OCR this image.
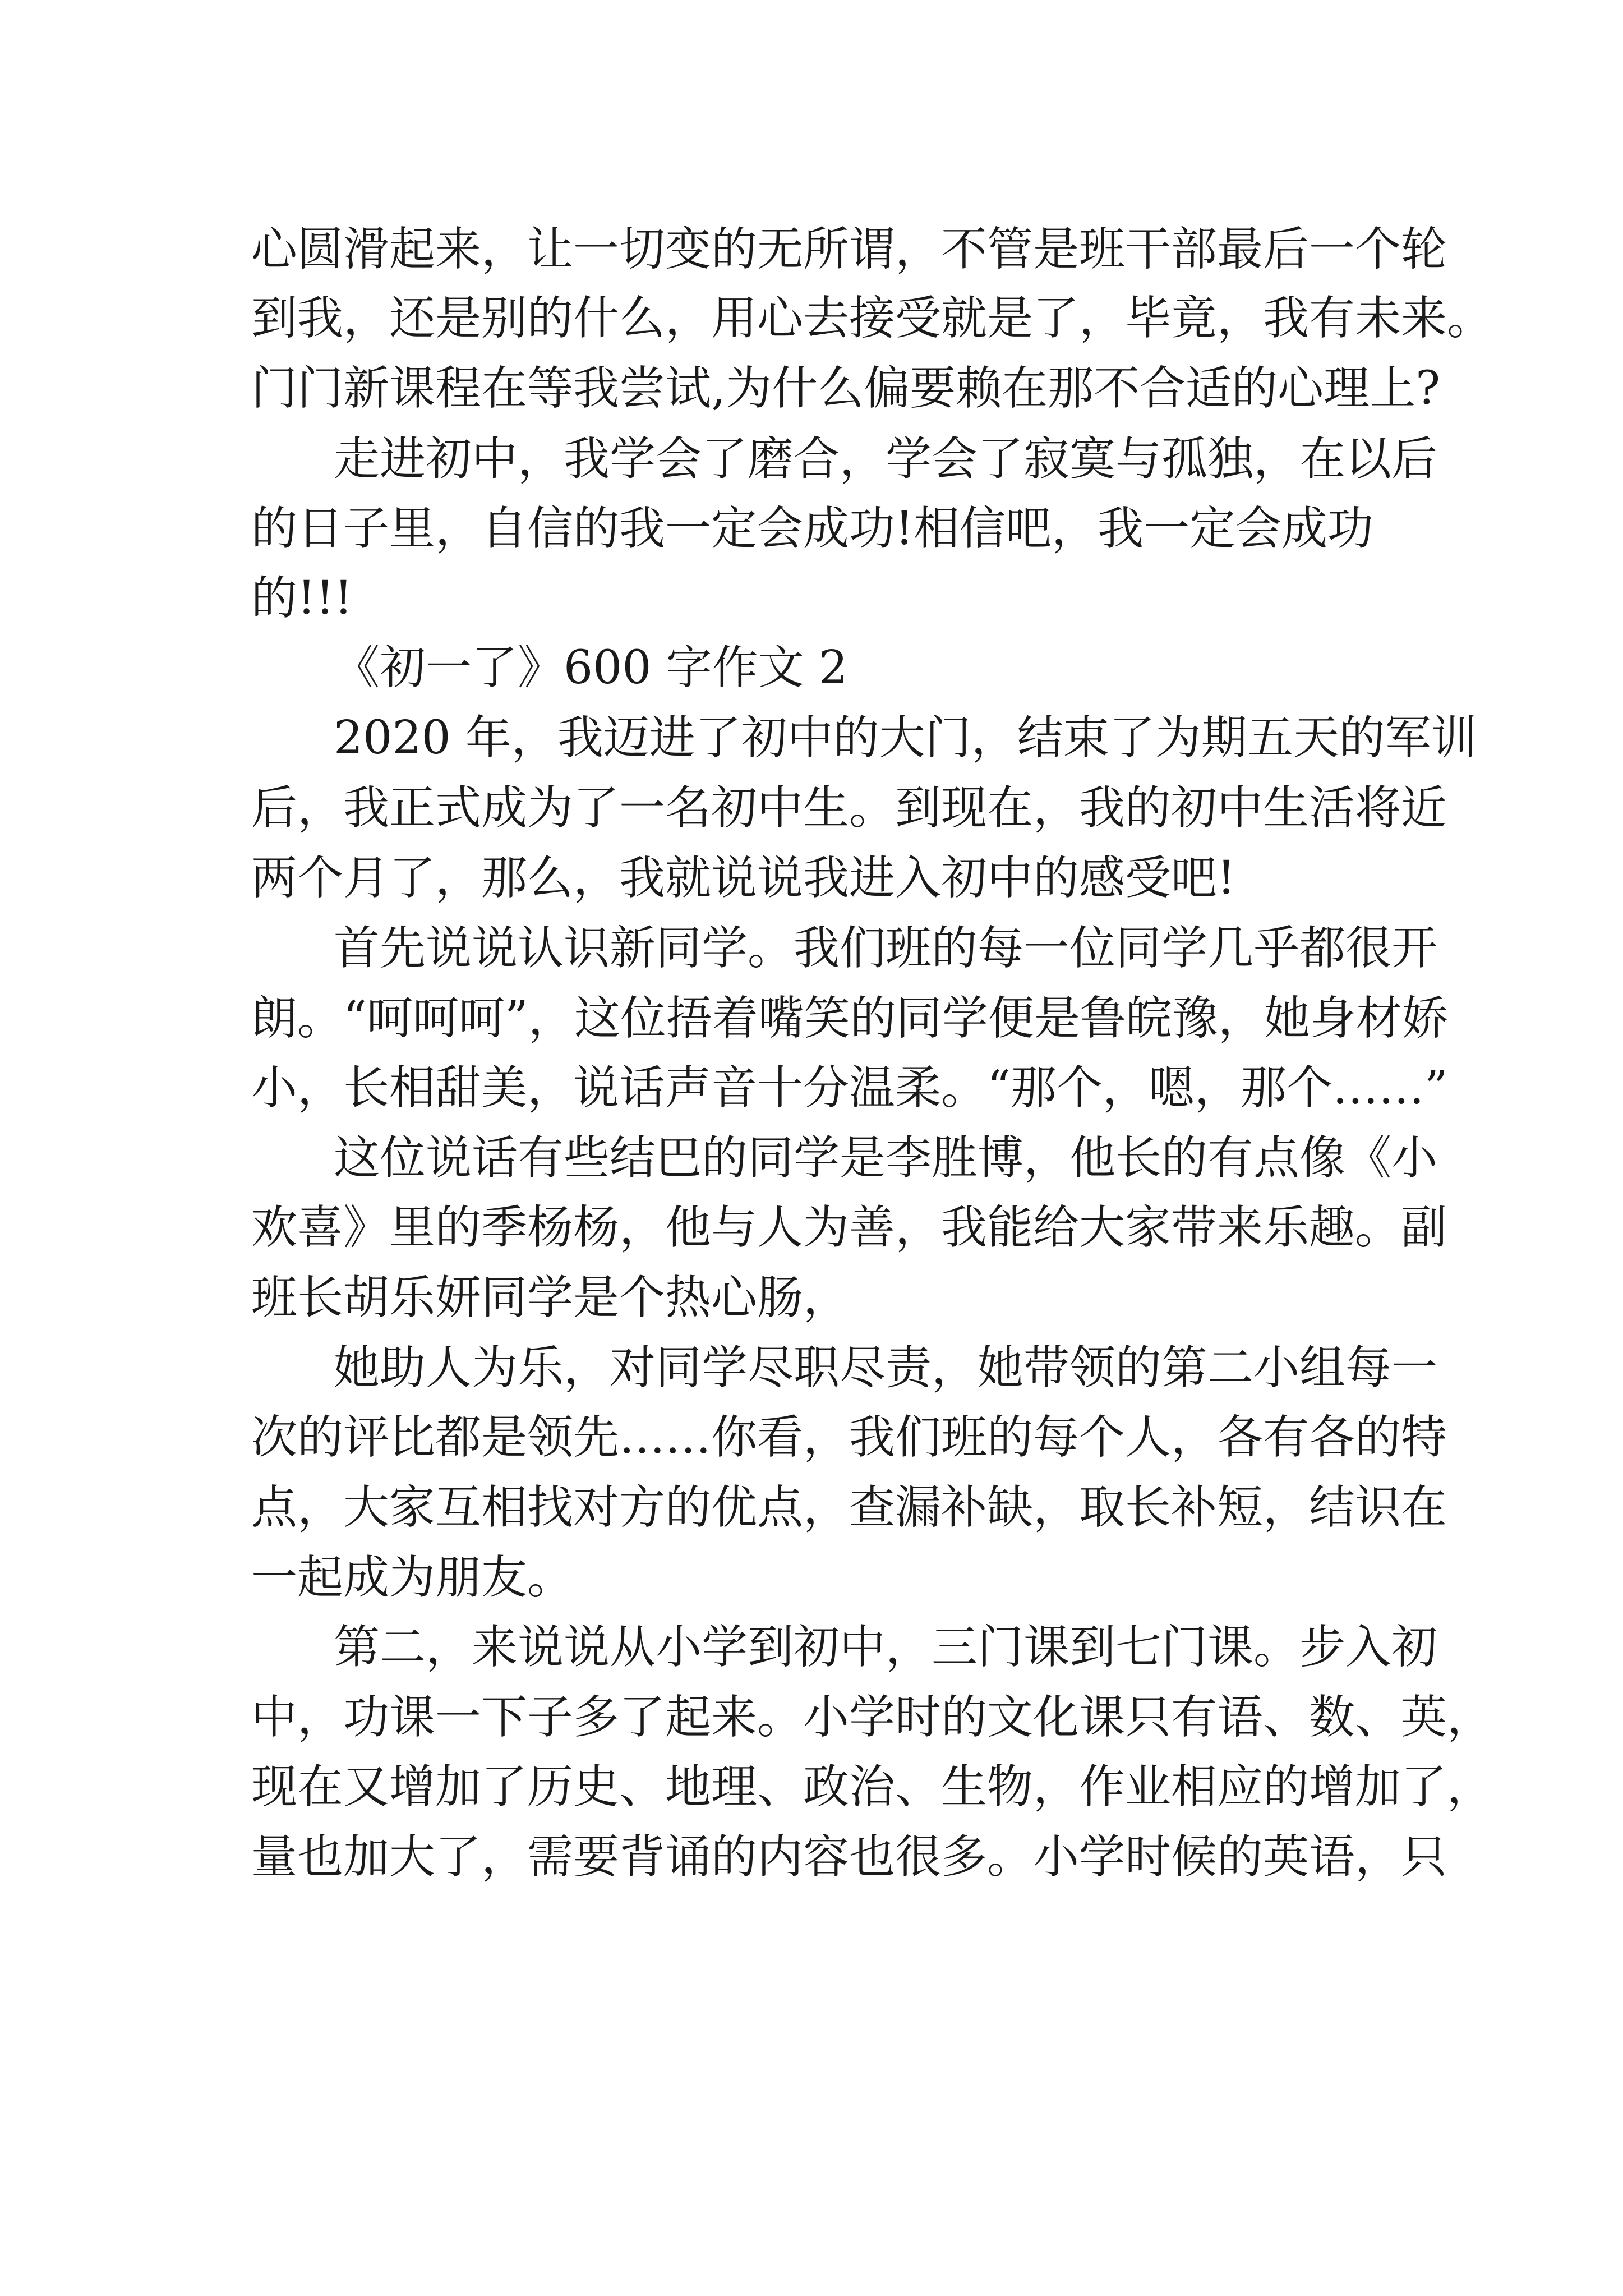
心圆滑起来，让一切变的无所谓，不管是班干部最后一个轮

到我，还是别的什么，用心去接受就是了，毕竟，我有未来。

门门新课程在等我尝试,为什么偏要赖在那不合适的心理上?

走进初中，我学会了磨合，学会了寂寞与孤独，在以后

的日子里，自信的我一定会成功!相信吧，我一定会成功

的!!!

《初一了》600 字作文 2

2020 年，我迈进了初中的大门，结束了为期五天的军训

后，我正式成为了一名初中生。到现在，我的初中生活将近

两个月了，那么，我就说说我进入初中的感受吧!

首先说说认识新同学。我们班的每一位同学几乎都很开

朗。“呵呵呵”，这位捂着嘴笑的同学便是鲁皖豫，她身材娇

小，长相甜美，说话声音十分温柔。“那个，嗯，那个……”

这位说话有些结巴的同学是李胜博，他长的有点像《小

欢喜》里的季杨杨，他与人为善，我能给大家带来乐趣。副

班长胡乐妍同学是个热心肠，

她助人为乐，对同学尽职尽责，她带领的第二小组每一

次的评比都是领先……你看，我们班的每个人，各有各的特

点，大家互相找对方的优点，查漏补缺，取长补短，结识在

一起成为朋友。

第二，来说说从小学到初中，三门课到七门课。步入初

中，功课一下子多了起来。小学时的文化课只有语、数、英，

现在又增加了历史、地理、政治、生物，作业相应的增加了，

量也加大了，需要背诵的内容也很多。小学时候的英语，只
